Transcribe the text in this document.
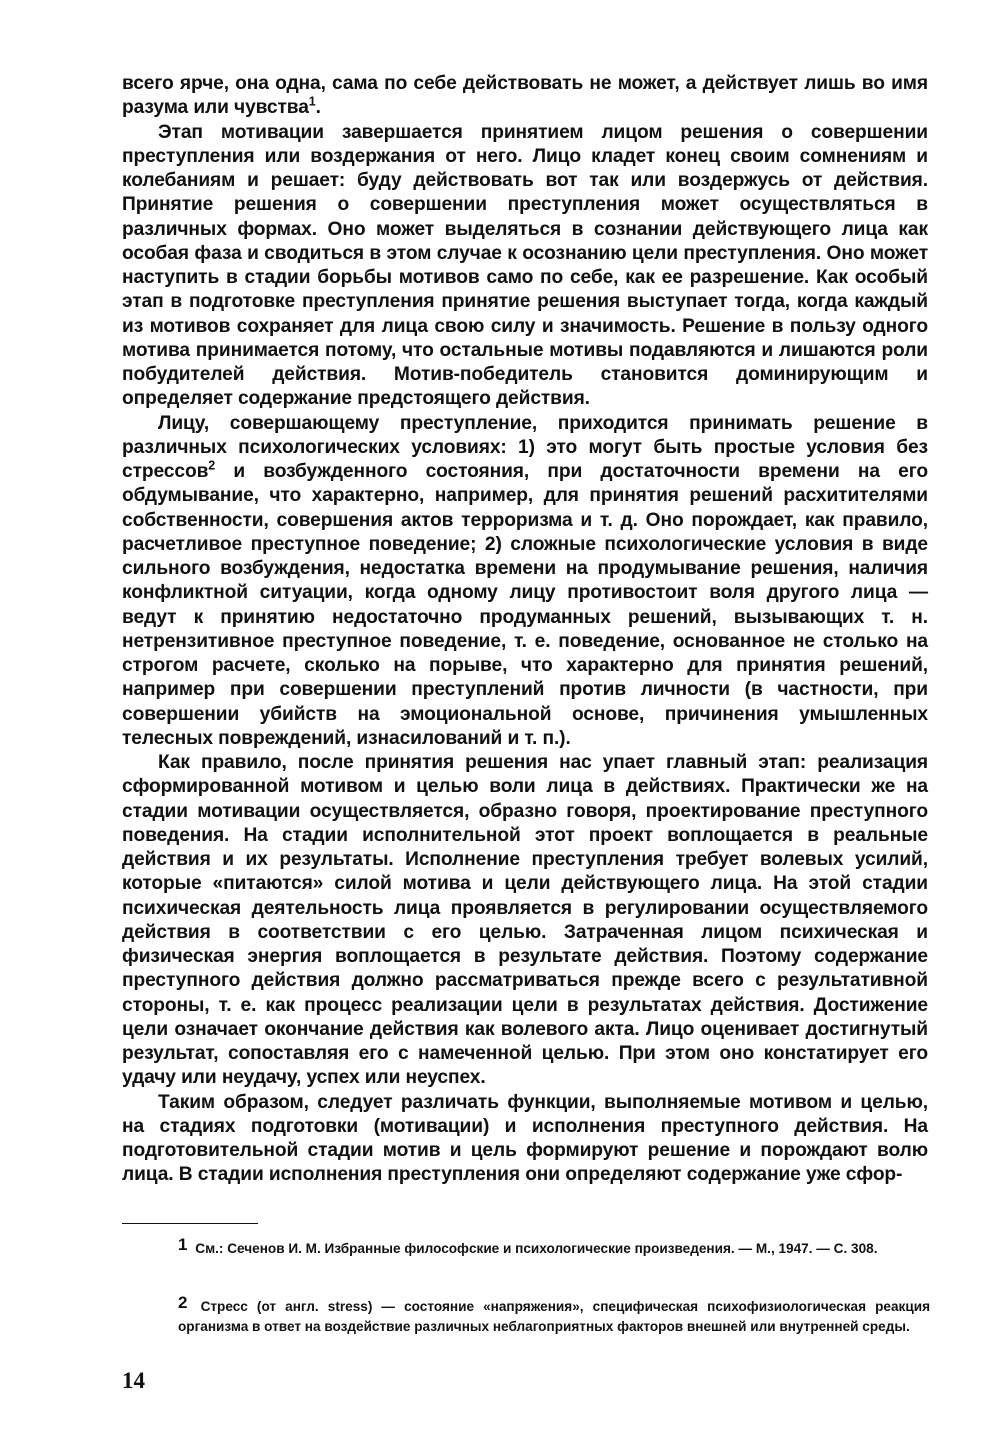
всего ярче, она одна, сама по себе действовать не может, а действует лишь во имя разума или чувства$^1$.

Этап мотивации завершается принятием лицом решения о совершении преступления или воздержания от него. Лицо кладет конец своим сомнениям и колебаниям и решает: буду действовать вот так или воздержусь от действия. Принятие решения о совершении преступления может осуществляться в различных формах. Оно может выделяться в сознании действующего лица как особая фаза и сводиться в этом случае к осознанию цели преступления. Оно может наступить в стадии борьбы мотивов само по себе, как ее разрешение. Как особый этап в подготовке преступления принятие решения выступает тогда, когда каждый из мотивов сохраняет для лица свою силу и значимость. Решение в пользу одного мотива принимается потому, что остальные мотивы подавляются и лишаются роли побудителей действия. Мотив-победитель становится доминирующим и определяет содержание предстоящего действия.

Лицу, совершающему преступление, приходится принимать решение в различных психологических условиях: 1) это могут быть простые условия без стрессов$^2$ и возбужденного состояния, при достаточности времени на его обдумывание, что характерно, например, для принятия решений расхитителями собственности, совершения актов терроризма и т. д. Оно порождает, как правило, расчетливое преступное поведение; 2) сложные психологические условия в виде сильного возбуждения, недостатка времени на продумывание решения, наличия конфликтной ситуации, когда одному лицу противостоит воля другого лица — ведут к принятию недостаточно продуманных решений, вызывающих т. н. нетрензитивное преступное поведение, т. е. поведение, основанное не столько на строгом расчете, сколько на порыве, что характерно для принятия решений, например при совершении преступлений против личности (в частности, при совершении убийств на эмоциональной основе, причинения умышленных телесных повреждений, изнасилований и т. п.).

Как правило, после принятия решения нас упает главный этап: реализация сформированной мотивом и целью воли лица в действиях. Практически же на стадии мотивации осуществляется, образно говоря, проектирование преступного поведения. На стадии исполнительной этот проект воплощается в реальные действия и их результаты. Исполнение преступления требует волевых усилий, которые «питаются» силой мотива и цели действующего лица. На этой стадии психическая деятельность лица проявляется в регулировании осуществляемого действия в соответствии с его целью. Затраченная лицом психическая и физическая энергия воплощается в результате действия. Поэтому содержание преступного действия должно рассматриваться прежде всего с результативной стороны, т. е. как процесс реализации цели в результатах действия. Достижение цели означает окончание действия как волевого акта. Лицо оценивает достигнутый результат, сопоставляя его с намеченной целью. При этом оно констатирует его удачу или неудачу, успех или неуспех.

Таким образом, следует различать функции, выполняемые мотивом и целью, на стадиях подготовки (мотивации) и исполнения преступного действия. На подготовительной стадии мотив и цель формируют решение и порождают волю лица. В стадии исполнения преступления они определяют содержание уже сфор-

1 См.: Сеченов И. М. Избранные философские и психологические произведения. — М., 1947. — С. 308.
2 Стресс (от англ. stress) — состояние «напряжения», специфическая психофизиологическая реакция организма в ответ на воздействие различных неблагоприятных факторов внешней или внутренней среды.
14
